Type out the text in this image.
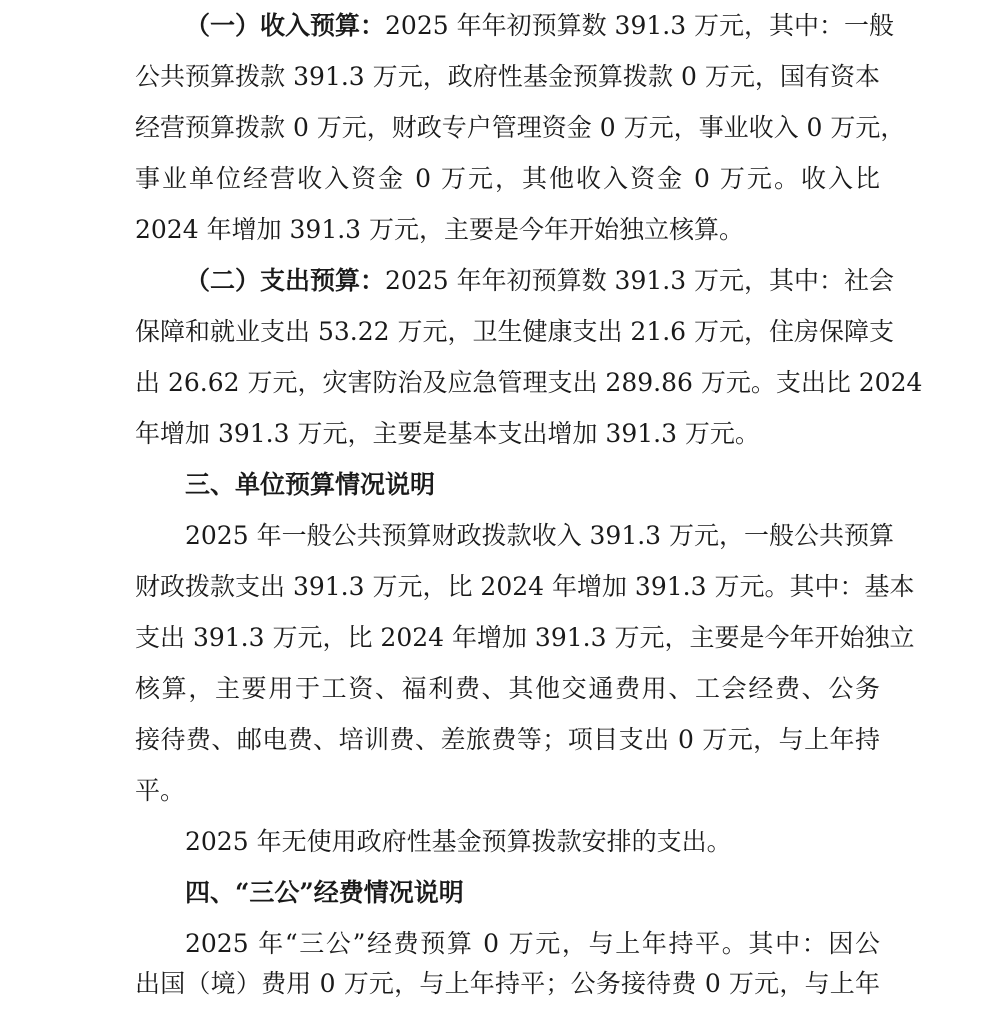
（一）收入预算：2025 年年初预算数 391.3 万元，其中：一般
公共预算拨款 391.3 万元，政府性基金预算拨款 0 万元，国有资本
经营预算拨款 0 万元，财政专户管理资金 0 万元，事业收入 0 万元，
事业单位经营收入资金 0 万元，其他收入资金 0 万元。收入比
2024 年增加 391.3 万元，主要是今年开始独立核算。
（二）支出预算：2025 年年初预算数 391.3 万元，其中：社会
保障和就业支出 53.22 万元，卫生健康支出 21.6 万元，住房保障支
出 26.62 万元，灾害防治及应急管理支出 289.86 万元。支出比 2024
年增加 391.3 万元，主要是基本支出增加 391.3 万元。
三、单位预算情况说明
2025 年一般公共预算财政拨款收入 391.3 万元，一般公共预算
财政拨款支出 391.3 万元，比 2024 年增加 391.3 万元。其中：基本
支出 391.3 万元，比 2024 年增加 391.3 万元，主要是今年开始独立
核算，主要用于工资、福利费、其他交通费用、工会经费、公务
接待费、邮电费、培训费、差旅费等；项目支出 0 万元，与上年持
平。
2025 年无使用政府性基金预算拨款安排的支出。
四、“三公”经费情况说明
2025 年“三公”经费预算 0 万元，与上年持平。其中：因公
出国（境）费用 0 万元，与上年持平；公务接待费 0 万元，与上年
